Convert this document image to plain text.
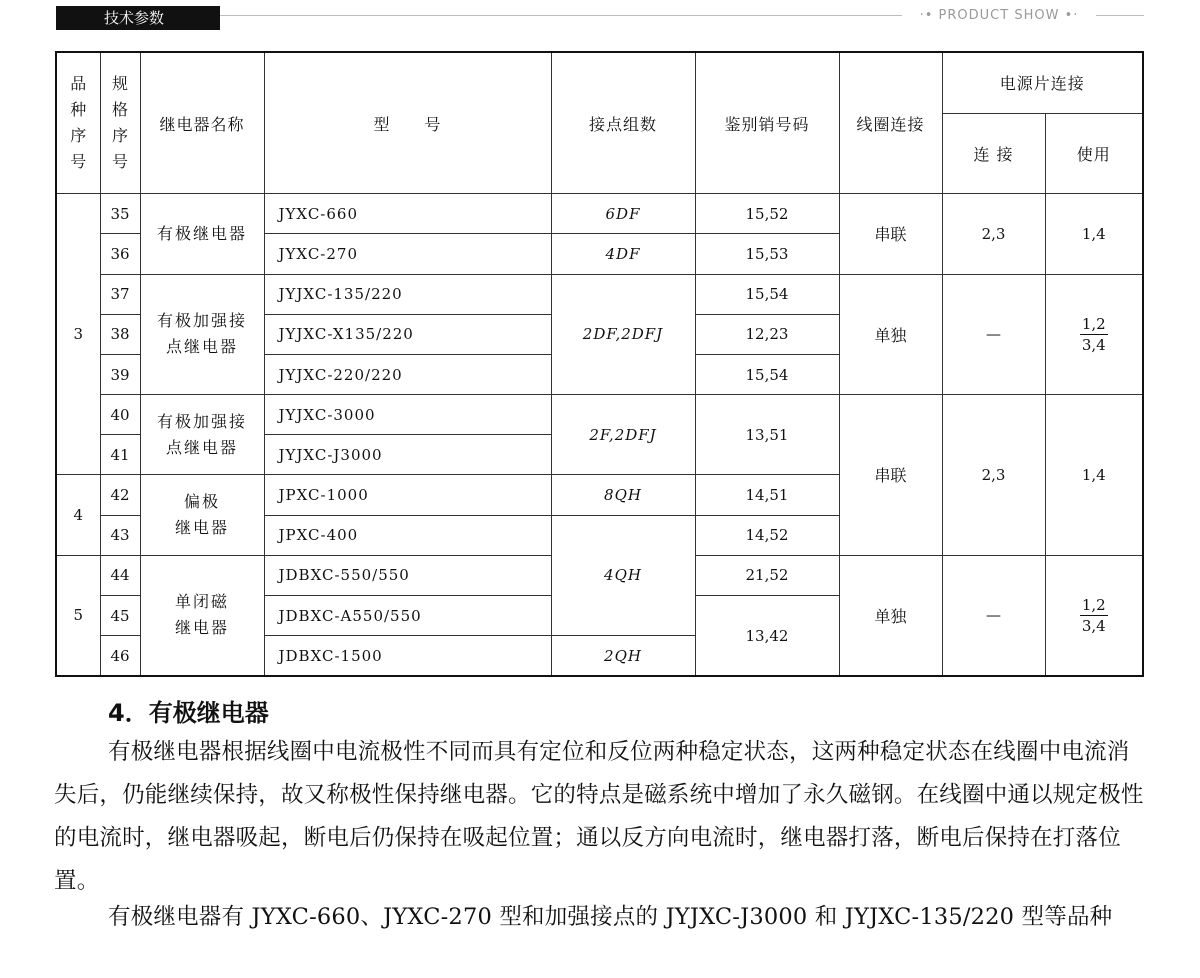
技术参数	·• PRODUCT SHOW •·
品
种
序
号	规
格
序
号	继电器名称	型　　号	接点组数	鉴别销号码	线圈连接	电源片连接	
							连 接	使用
3	35	有极继电器	JYXC-660	6DF	15,52	串联	2,3	1,4
	36		JYXC-270	4DF	15,53			
	37	有极加强接
点继电器	JYJXC-135/220	2DF,2DFJ	15,54	单独	—	$\frac{1,2}{3,4}$

	38		JYJXC-X135/220		12,23			
	39		JYJXC-220/220		15,54			
	40	有极加强接
点继电器	JYJXC-3000	2F,2DFJ	13,51	串联	2,3	1,4
	41		JYJXC-J3000					
4	42	偏极
继电器	JPXC-1000	8QH	14,51			
	43		JPXC-400	4QH	14,52			
5	44	单闭磁
继电器	JDBXC-550/550		21,52	单独	—	$\frac{1,2}{3,4}$

	45		JDBXC-A550/550		13,42			
	46		JDBXC-1500	2QH				
4．有极继电器

有极继电器根据线圈中电流极性不同而具有定位和反位两种稳定状态，这两种稳定状态在线圈中电流消失后，仍能继续保持，故又称极性保持继电器。它的特点是磁系统中增加了永久磁钢。在线圈中通以规定极性的电流时，继电器吸起，断电后仍保持在吸起位置；通以反方向电流时，继电器打落，断电后保持在打落位置。

有极继电器有 JYXC-660、JYXC-270 型和加强接点的 JYJXC-J3000 和 JYJXC-135/220 型等品种
